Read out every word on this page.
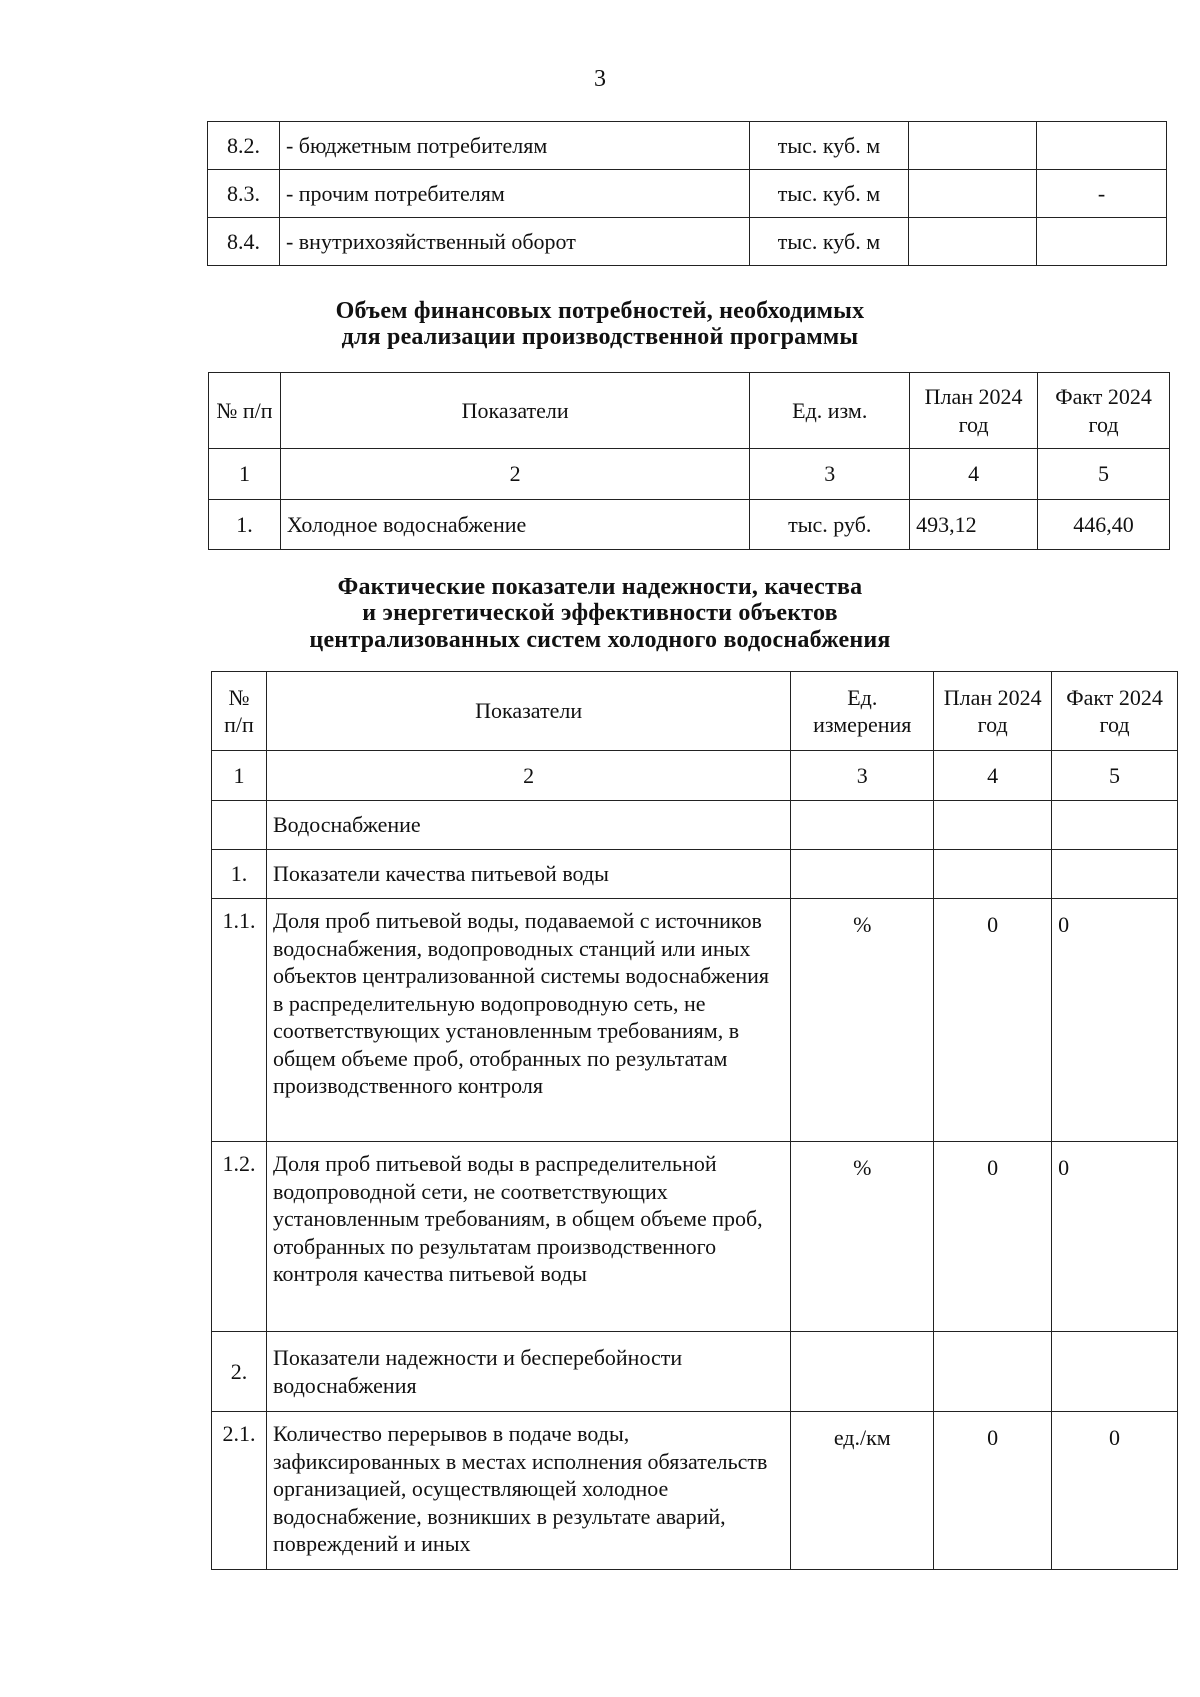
3
8.2.	- бюджетным потребителям	тыс. куб. м		
8.3.	- прочим потребителям	тыс. куб. м		-
8.4.	- внутрихозяйственный оборот	тыс. куб. м		
Объем финансовых потребностей, необходимых
для реализации производственной программы
№ п/п	Показатели	Ед. изм.	План 2024 год	Факт 2024 год
1	2	3	4	5
1.	Холодное водоснабжение	тыс. руб.	493,12	446,40
Фактические показатели надежности, качества
и энергетической эффективности объектов
централизованных систем холодного водоснабжения
№ п/п	Показатели	Ед. измерения	План 2024 год	Факт 2024 год
1	2	3	4	5
	Водоснабжение			
1.	Показатели качества питьевой воды			
1.1.	Доля проб питьевой воды, подаваемой с источников водоснабжения, водопроводных станций или иных объектов централизованной системы водоснабжения в распределительную водопроводную сеть, не соответствующих установленным требованиям, в общем объеме проб, отобранных по результатам производственного контроля	%	0	0
1.2.	Доля проб питьевой воды в распределительной водопроводной сети, не соответствующих установленным требованиям, в общем объеме проб, отобранных по результатам производственного контроля качества питьевой воды	%	0	0
2.	Показатели надежности и бесперебойности водоснабжения			
2.1.	Количество перерывов в подаче воды, зафиксированных в местах исполнения обязательств организацией, осуществляющей холодное водоснабжение, возникших в результате аварий, повреждений и иных	ед./км	0	0
